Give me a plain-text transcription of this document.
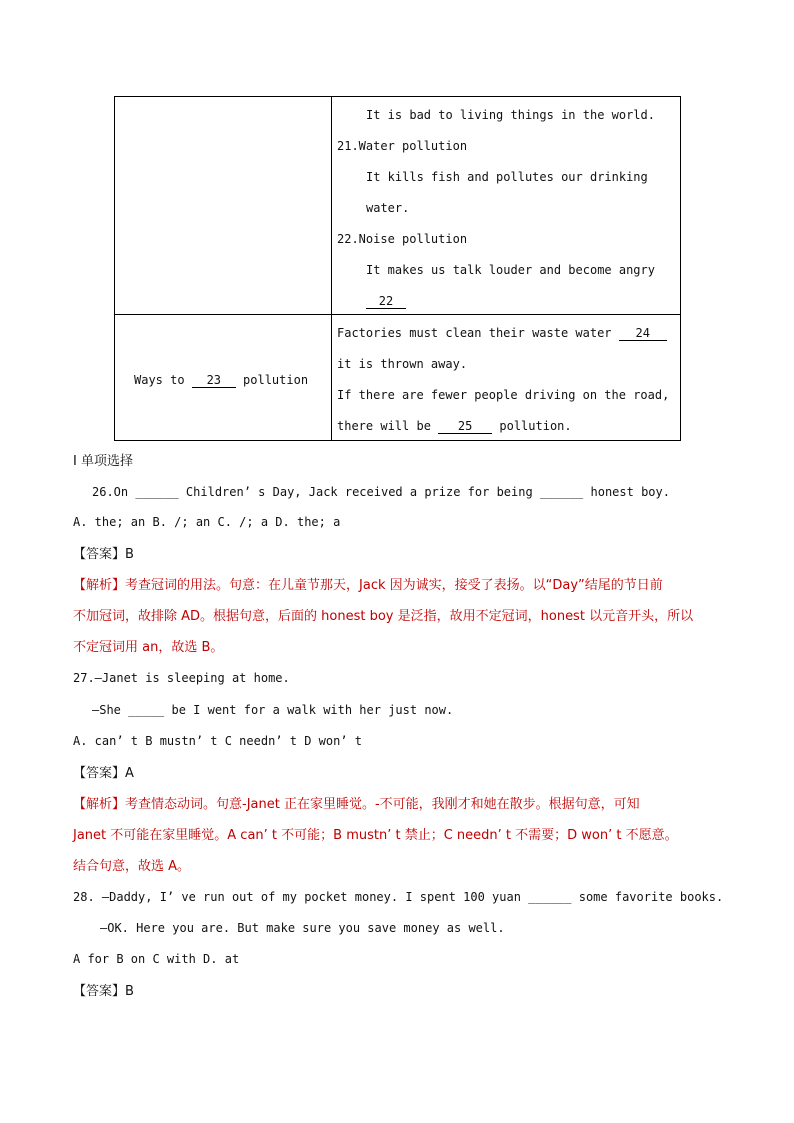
It is bad to living things in the world.
21.Water pollution
It kills fish and pollutes our drinking
water.
22.Noise pollution
It makes us talk louder and become angry
22
Ways to 23 pollution
Factories must clean their waste water 24
it is thrown away.
If there are fewer people driving on the road,
there will be 25 pollution.
I 单项选择
26.On ______ Children’ s Day, Jack received a prize for being ______ honest boy.
A. the; an B. /; an C. /; a D. the; a
【答案】B
【解析】考查冠词的用法。句意：在儿童节那天，Jack 因为诚实，接受了表扬。以“Day”结尾的节日前
不加冠词，故排除 AD。根据句意，后面的 honest boy 是泛指，故用不定冠词，honest 以元音开头，所以
不定冠词用 an，故选 B。
27.—Janet is sleeping at home.
—She _____ be I went for a walk with her just now.
A. can’ t B mustn’ t C needn’ t D won’ t
【答案】A
【解析】考查情态动词。句意-Janet 正在家里睡觉。-不可能，我刚才和她在散步。根据句意，可知
Janet 不可能在家里睡觉。A can’ t 不可能；B mustn’ t 禁止；C needn’ t 不需要；D won’ t 不愿意。
结合句意，故选 A。
28. —Daddy, I’ ve run out of my pocket money. I spent 100 yuan ______ some favorite books.
—OK. Here you are. But make sure you save money as well.
A for B on C with D. at
【答案】B
